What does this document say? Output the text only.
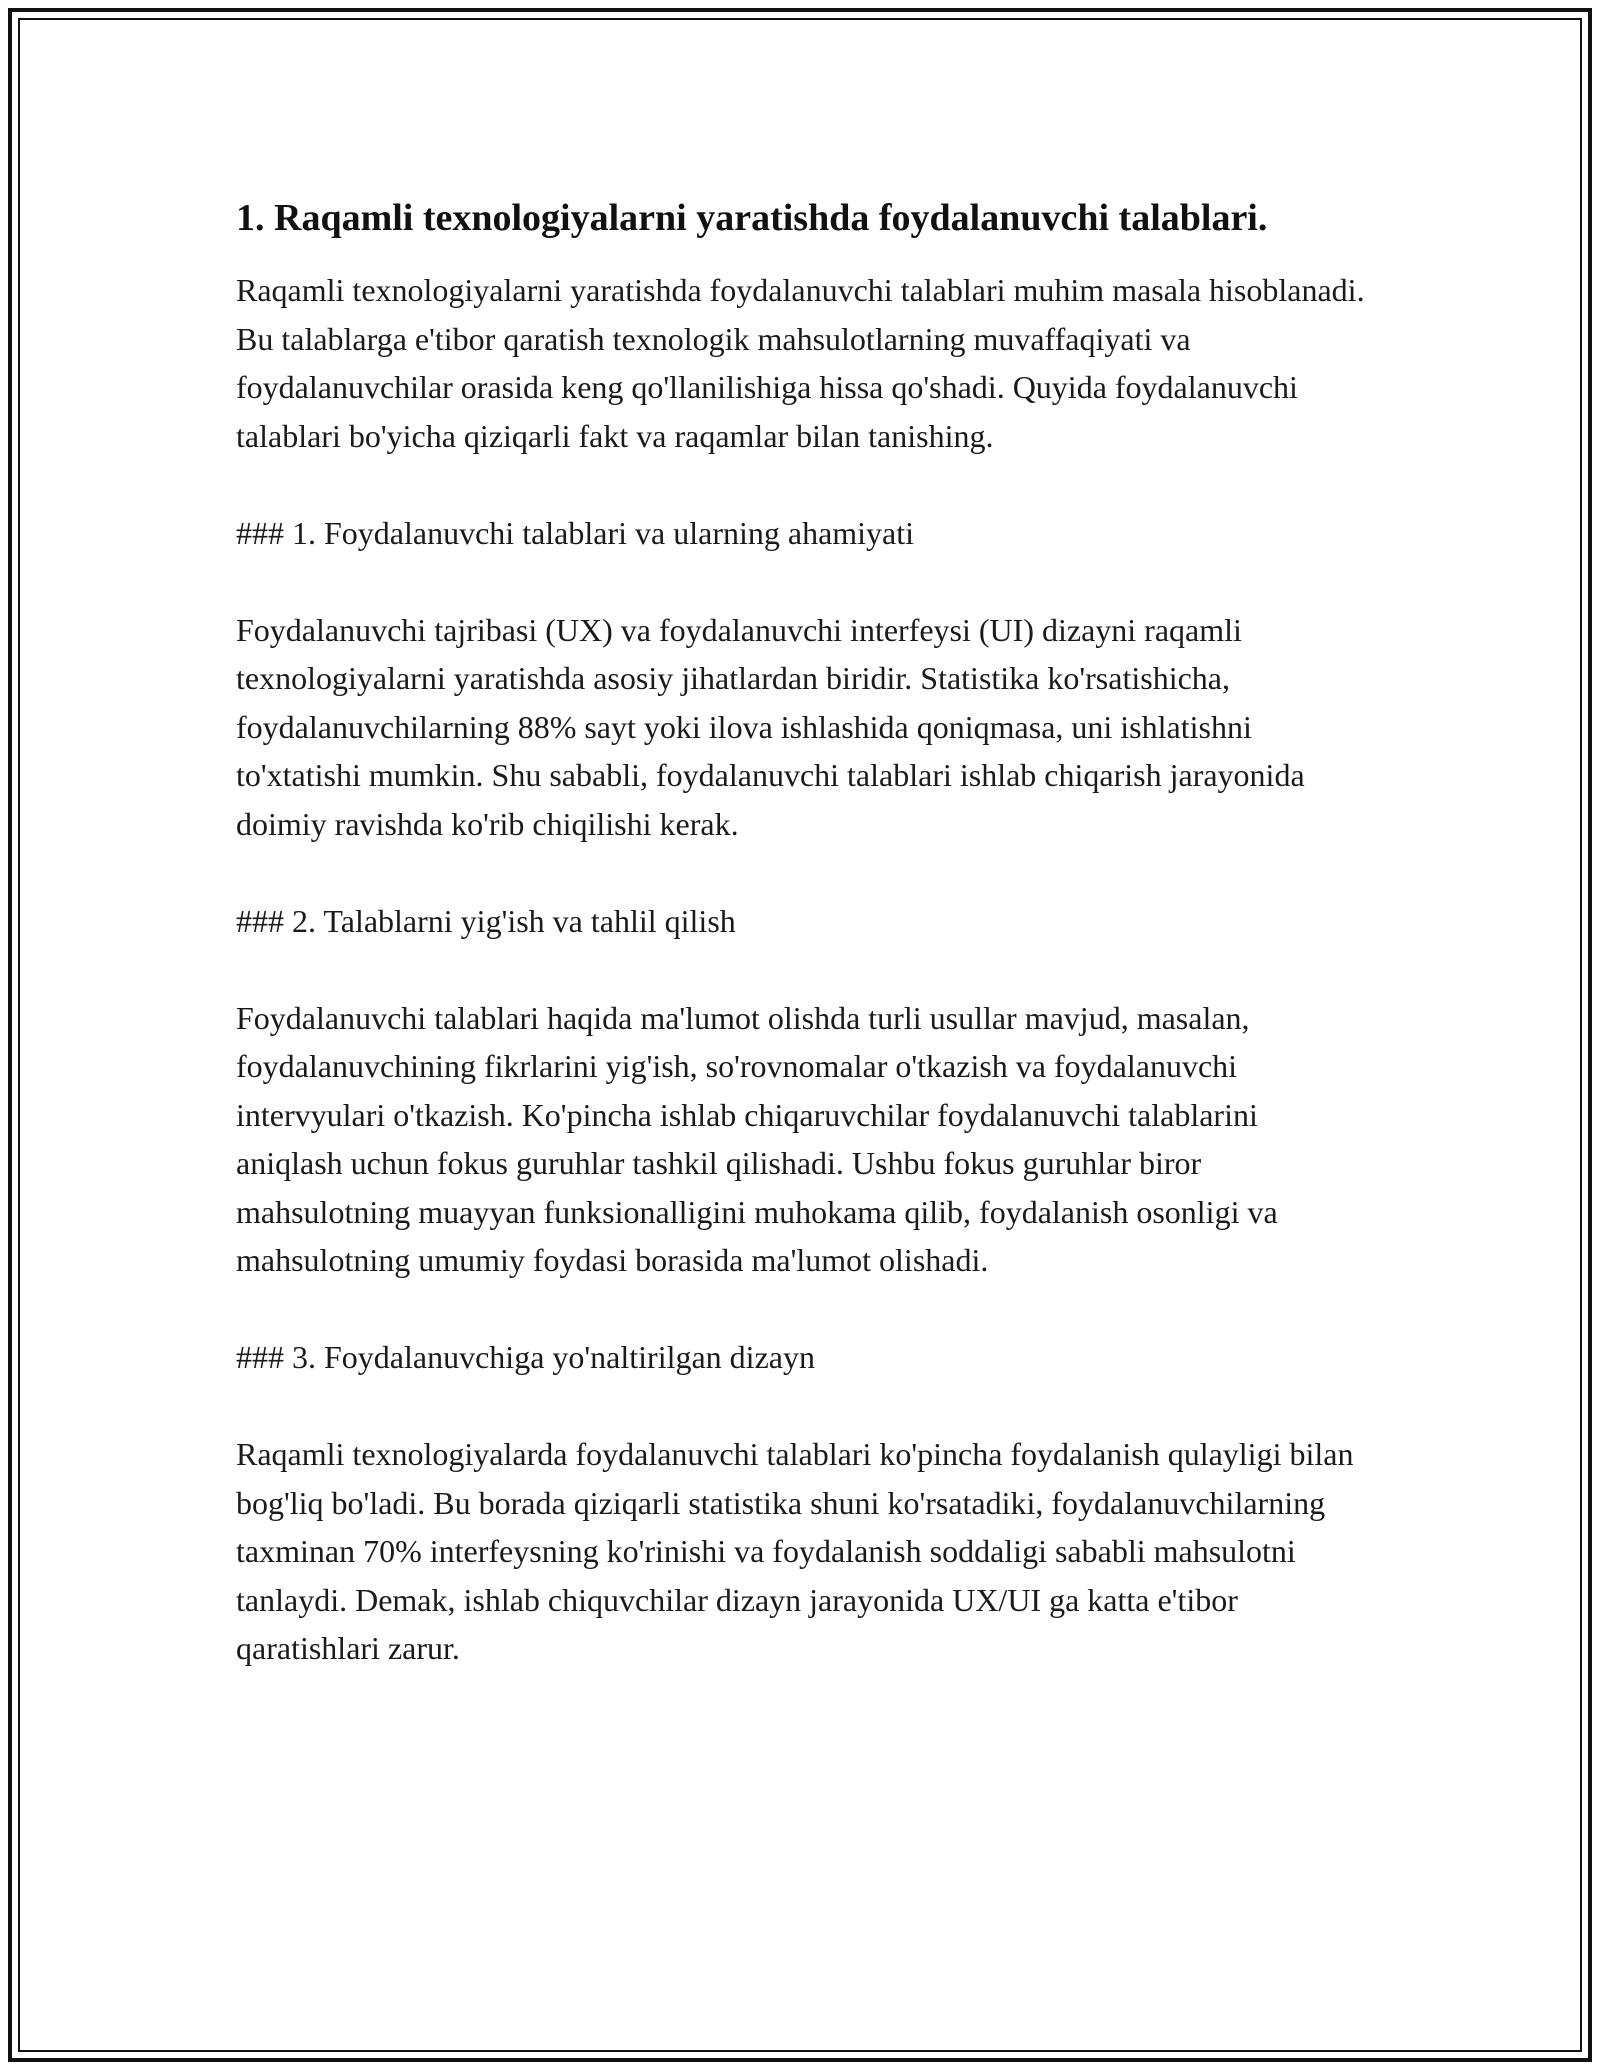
1. Raqamli texnologiyalarni yaratishda foydalanuvchi talablari.

Raqamli texnologiyalarni yaratishda foydalanuvchi talablari muhim masala hisoblanadi. Bu talablarga e'tibor qaratish texnologik mahsulotlarning muvaffaqiyati va foydalanuvchilar orasida keng qo'llanilishiga hissa qo'shadi. Quyida foydalanuvchi talablari bo'yicha qiziqarli fakt va raqamlar bilan tanishing.

### 1. Foydalanuvchi talablari va ularning ahamiyati

Foydalanuvchi tajribasi (UX) va foydalanuvchi interfeysi (UI) dizayni raqamli texnologiyalarni yaratishda asosiy jihatlardan biridir. Statistika ko'rsatishicha, foydalanuvchilarning 88% sayt yoki ilova ishlashida qoniqmasa, uni ishlatishni to'xtatishi mumkin. Shu sababli, foydalanuvchi talablari ishlab chiqarish jarayonida doimiy ravishda ko'rib chiqilishi kerak.

### 2. Talablarni yig'ish va tahlil qilish

Foydalanuvchi talablari haqida ma'lumot olishda turli usullar mavjud, masalan, foydalanuvchining fikrlarini yig'ish, so'rovnomalar o'tkazish va foydalanuvchi intervyulari o'tkazish. Ko'pincha ishlab chiqaruvchilar foydalanuvchi talablarini aniqlash uchun fokus guruhlar tashkil qilishadi. Ushbu fokus guruhlar biror mahsulotning muayyan funksionalligini muhokama qilib, foydalanish osonligi va mahsulotning umumiy foydasi borasida ma'lumot olishadi.

### 3. Foydalanuvchiga yo'naltirilgan dizayn

Raqamli texnologiyalarda foydalanuvchi talablari ko'pincha foydalanish qulayligi bilan bog'liq bo'ladi. Bu borada qiziqarli statistika shuni ko'rsatadiki, foydalanuvchilarning taxminan 70% interfeysning ko'rinishi va foydalanish soddaligi sababli mahsulotni tanlaydi. Demak, ishlab chiquvchilar dizayn jarayonida UX/UI ga katta e'tibor qaratishlari zarur.
